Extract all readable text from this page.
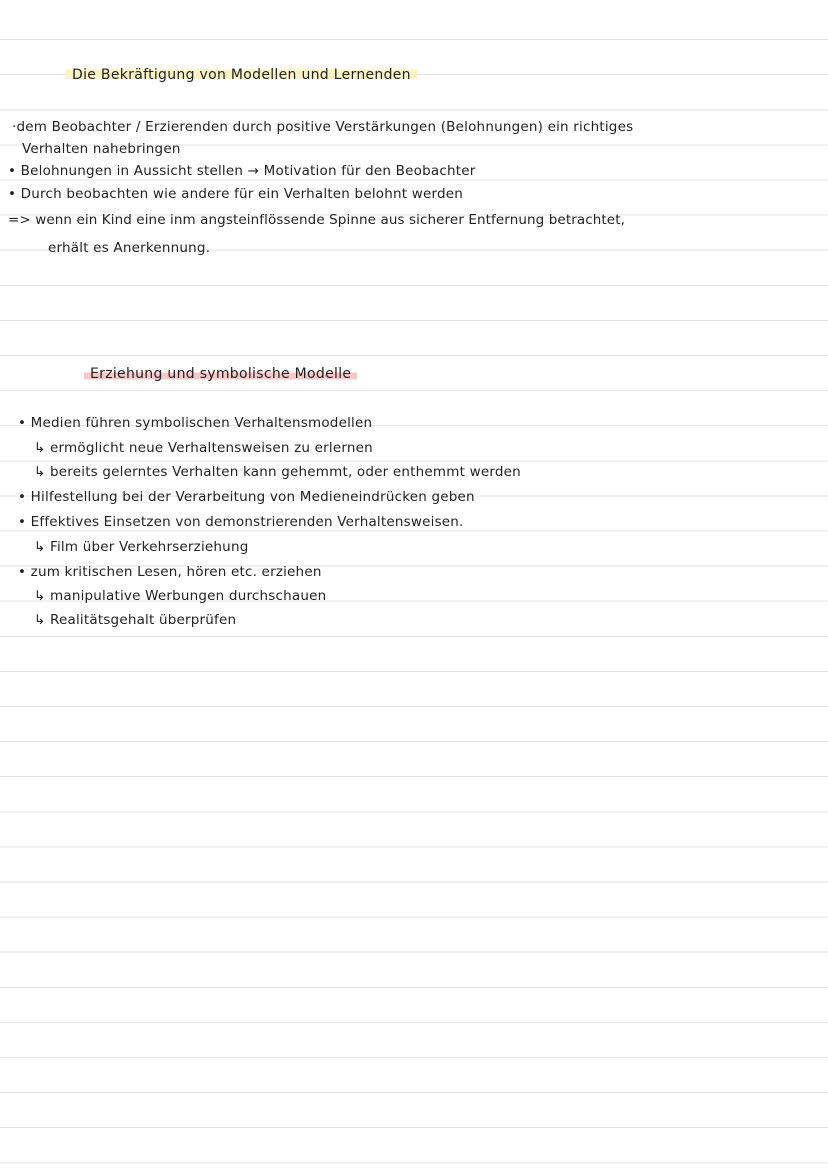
Die Bekräftigung von Modellen und Lernenden
·dem Beobachter / Erzierenden durch positive Verstärkungen (Belohnungen) ein richtiges
Verhalten nahebringen
• Belohnungen in Aussicht stellen → Motivation für den Beobachter
• Durch beobachten wie andere für ein Verhalten belohnt werden
=> wenn ein Kind eine inm angsteinflössende Spinne aus sicherer Entfernung betrachtet,
erhält es Anerkennung.
Erziehung und symbolische Modelle
• Medien führen symbolischen Verhaltensmodellen
↳ ermöglicht neue Verhaltensweisen zu erlernen
↳ bereits gelerntes Verhalten kann gehemmt, oder enthemmt werden
• Hilfestellung bei der Verarbeitung von Medieneindrücken geben
• Effektives Einsetzen von demonstrierenden Verhaltensweisen.
↳ Film über Verkehrserziehung
• zum kritischen Lesen, hören etc. erziehen
↳ manipulative Werbungen durchschauen
↳ Realitätsgehalt überprüfen
